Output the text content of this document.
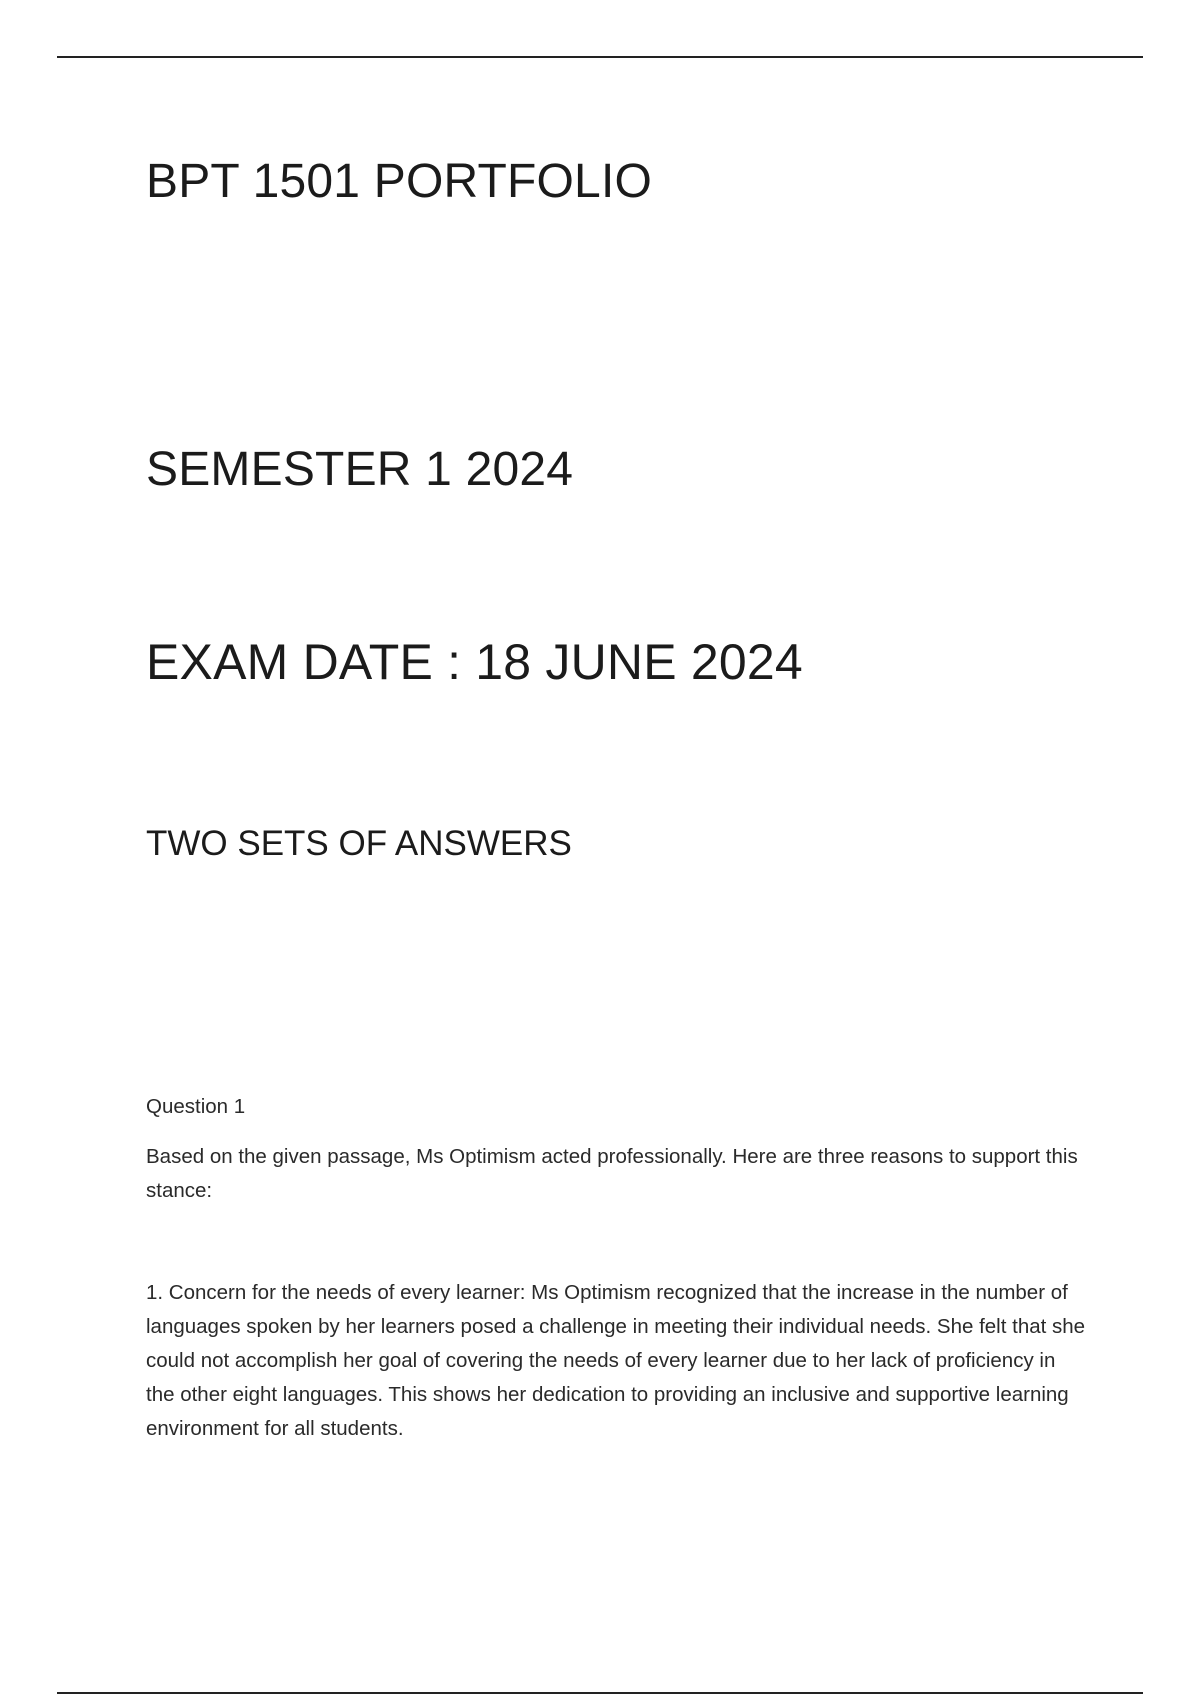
BPT 1501 PORTFOLIO
SEMESTER 1 2024
EXAM DATE : 18 JUNE 2024
TWO SETS OF ANSWERS

Question 1

Based on the given passage, Ms Optimism acted professionally. Here are three reasons to support this stance:

1. Concern for the needs of every learner: Ms Optimism recognized that the increase in the number of languages spoken by her learners posed a challenge in meeting their individual needs. She felt that she could not accomplish her goal of covering the needs of every learner due to her lack of proficiency in the other eight languages. This shows her dedication to providing an inclusive and supportive learning environment for all students.
